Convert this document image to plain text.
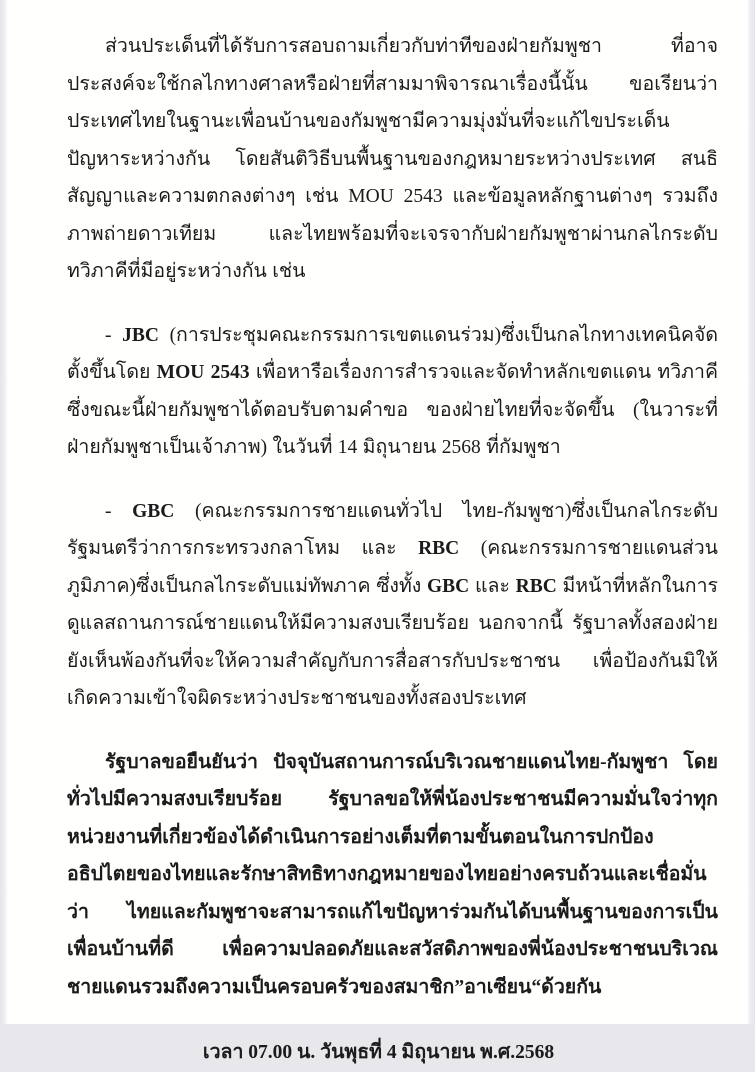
ส่วนประเด็นที่ได้รับการสอบถามเกี่ยวกับท่าทีของฝ่ายกัมพูชา ที่อาจประสงค์จะใช้กลไกทางศาลหรือฝ่ายที่สามมาพิจารณาเรื่องนี้นั้น ขอเรียนว่าประเทศไทยในฐานะเพื่อนบ้านของกัมพูชามีความมุ่งมั่นที่จะแก้ไขประเด็นปัญหาระหว่างกัน โดยสันติวิธีบนพื้นฐานของกฎหมายระหว่างประเทศ สนธิสัญญาและความตกลงต่างๆ เช่น MOU 2543 และข้อมูลหลักฐานต่างๆ รวมถึงภาพถ่ายดาวเทียม และไทยพร้อมที่จะเจรจากับฝ่ายกัมพูชาผ่านกลไกระดับทวิภาคีที่มีอยู่ระหว่างกัน เช่น

- JBC (การประชุมคณะกรรมการเขตแดนร่วม)ซึ่งเป็นกลไกทางเทคนิคจัดตั้งขึ้นโดย MOU 2543 เพื่อหารือเรื่องการสำรวจและจัดทำหลักเขตแดน ทวิภาคี ซึ่งขณะนี้ฝ่ายกัมพูชาได้ตอบรับตามคำขอ ของฝ่ายไทยที่จะจัดขึ้น (ในวาระที่ฝ่ายกัมพูชาเป็นเจ้าภาพ) ในวันที่ 14 มิถุนายน 2568 ที่กัมพูชา

- GBC (คณะกรรมการชายแดนทั่วไป ไทย-กัมพูชา)ซึ่งเป็นกลไกระดับรัฐมนตรีว่าการกระทรวงกลาโหม และ RBC (คณะกรรมการชายแดนส่วนภูมิภาค)ซึ่งเป็นกลไกระดับแม่ทัพภาค ซึ่งทั้ง GBC และ RBC มีหน้าที่หลักในการดูแลสถานการณ์ชายแดนให้มีความสงบเรียบร้อย นอกจากนี้ รัฐบาลทั้งสองฝ่ายยังเห็นพ้องกันที่จะให้ความสำคัญกับการสื่อสารกับประชาชน เพื่อป้องกันมิให้เกิดความเข้าใจผิดระหว่างประชาชนของทั้งสองประเทศ

รัฐบาลขอยืนยันว่า ปัจจุบันสถานการณ์บริเวณชายแดนไทย-กัมพูชา โดยทั่วไปมีความสงบเรียบร้อย รัฐบาลขอให้พี่น้องประชาชนมีความมั่นใจว่าทุกหน่วยงานที่เกี่ยวข้องได้ดำเนินการอย่างเต็มที่ตามขั้นตอนในการปกป้องอธิปไตยของไทยและรักษาสิทธิทางกฎหมายของไทยอย่างครบถ้วนและเชื่อมั่นว่า ไทยและกัมพูชาจะสามารถแก้ไขปัญหาร่วมกันได้บนพื้นฐานของการเป็นเพื่อนบ้านที่ดี เพื่อความปลอดภัยและสวัสดิภาพของพี่น้องประชาชนบริเวณชายแดนรวมถึงความเป็นครอบครัวของสมาชิก”อาเซียน“ด้วยกัน

เวลา 07.00 น. วันพุธที่ 4 มิถุนายน พ.ศ.2568
